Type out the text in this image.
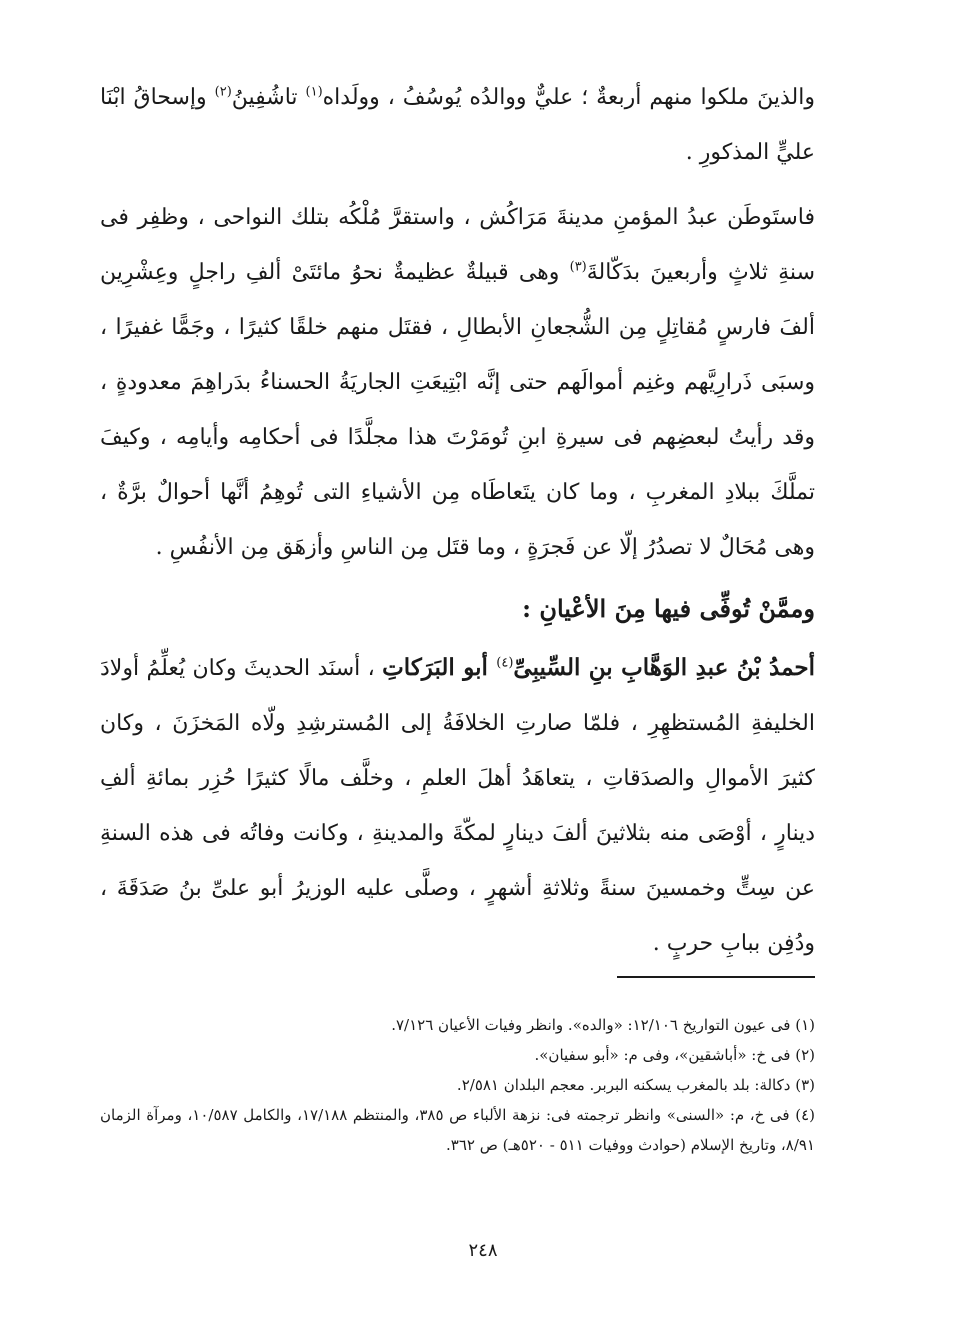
والذينَ ملكوا منهم أربعةٌ ؛ عليٌّ ووالدُه يُوسُفُ ، وولَداه$^{(١)}$ تاشُفِينُ$^{(٢)}$ وإسحاقُ ابْنَا عليٍّ المذكورِ .

فاستَوطَن عبدُ المؤمنِ مدينةَ مَرَاكُش ، واستقرَّ مُلْكُه بتلك النواحى ، وظفِر فى سنةِ ثلاثٍ وأربعينَ بدَكّالةَ$^{(٣)}$ وهى قبيلةٌ عظيمةٌ نحوُ مائتَىْ ألفِ راجلٍ وعِشْرِين ألفَ فارسٍ مُقاتِلٍ مِن الشُّجعانِ الأبطالِ ، فقتَل منهم خلقًا كثيرًا ، وجَمًّا غفيرًا ، وسبَى ذَرارِيَّهم وغنِم أموالَهم حتى إنَّه ابْتِيعَتِ الجاريَةُ الحسناءُ بدَراهِمَ معدودةٍ ، وقد رأيتُ لبعضِهم فى سيرةِ ابنِ تُومَرْتَ هذا مجلَّدًا فى أحكامِه وأيامِه ، وكيفَ تملَّكَ ببلادِ المغربِ ، وما كان يتَعاطَاه مِن الأشياءِ التى تُوهِمُ أنَّها أحوالٌ برَّةٌ ، وهى مُحَالٌ لا تصدُرُ إلّا عن فَجرَةٍ ، وما قتَل مِن الناسِ وأزهَق مِن الأنفُسِ .

وممَّنْ تُوفِّى فيها مِنَ الأعْيانِ :

أحمدُ بْنُ عبدِ الوَهَّابِ بنِ السِّيبِىِّ$^{(٤)}$ أبو البَرَكاتِ ، أسنَد الحديثَ وكان يُعلِّمُ أولادَ الخليفةِ المُستظهِرِ ، فلمّا صارتِ الخلافَةُ إلى المُسترشِدِ ولّاه المَخزَنَ ، وكان كثيرَ الأموالِ والصدَقاتِ ، يتعاهَدُ أهلَ العلمِ ، وخلَّف مالًا كثيرًا حُزِر بمائةِ ألفِ دينارٍ ، أوْصَى منه بثلاثينَ ألفَ دينارٍ لمكّةَ والمدينةِ ، وكانت وفاتُه فى هذه السنةِ عن سِتٍّ وخمسينَ سنةً وثلاثةِ أشهرٍ ، وصلَّى عليه الوزيرُ أبو علىِّ بنُ صَدَقَةَ ، ودُفِن ببابِ حربٍ .

(١) فى عيون التواريخ ١٢/١٠٦: «والده». وانظر وفيات الأعيان ٧/١٢٦.

(٢) فى خ: «أباشقين»، وفى م: «أبو سفيان».

(٣) دكالة: بلد بالمغرب يسكنه البربر. معجم البلدان ٢/٥٨١.

(٤) فى خ، م: «السنى» وانظر ترجمته فى: نزهة الألباء ص ٣٨٥، والمنتظم ١٧/١٨٨، والكامل ١٠/٥٨٧، ومرآة الزمان ٨/٩١، وتاريخ الإسلام (حوادث ووفيات ٥١١ - ٥٢٠هـ) ص ٣٦٢.

٢٤٨
